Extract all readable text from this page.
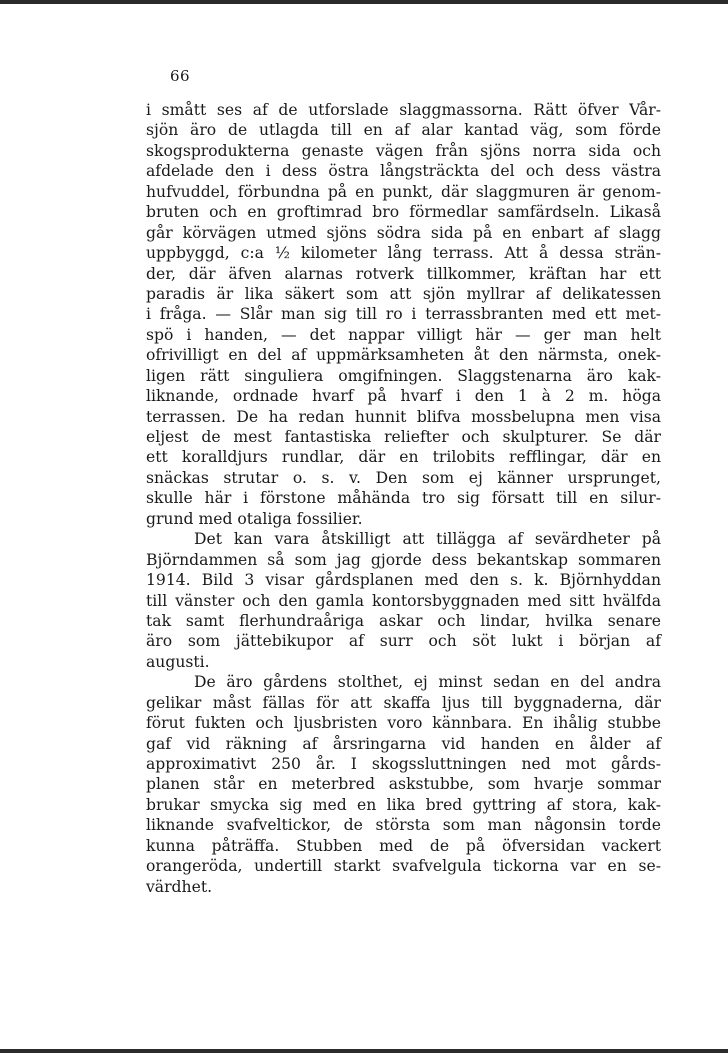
66
i smått ses af de utforslade slaggmassorna. Rätt öfver Vår-
sjön äro de utlagda till en af alar kantad väg, som förde
skogsprodukterna genaste vägen från sjöns norra sida och
afdelade den i dess östra långsträckta del och dess västra
hufvuddel, förbundna på en punkt, där slaggmuren är genom-
bruten och en groftimrad bro förmedlar samfärdseln. Likaså
går körvägen utmed sjöns södra sida på en enbart af slagg
uppbyggd, c:a ½ kilometer lång terrass. Att å dessa strän-
der, där äfven alarnas rotverk tillkommer, kräftan har ett
paradis är lika säkert som att sjön myllrar af delikatessen
i fråga. — Slår man sig till ro i terrassbranten med ett met-
spö i handen, — det nappar villigt här — ger man helt
ofrivilligt en del af uppmärksamheten åt den närmsta, onek-
ligen rätt singuliera omgifningen. Slaggstenarna äro kak-
liknande, ordnade hvarf på hvarf i den 1 à 2 m. höga
terrassen. De ha redan hunnit blifva mossbelupna men visa
eljest de mest fantastiska reliefter och skulpturer. Se där
ett koralldjurs rundlar, där en trilobits refflingar, där en
snäckas strutar o. s. v. Den som ej känner ursprunget,
skulle här i förstone måhända tro sig försatt till en silur-
grund med otaliga fossilier.
Det kan vara åtskilligt att tillägga af sevärdheter på
Björndammen så som jag gjorde dess bekantskap sommaren
1914. Bild 3 visar gårdsplanen med den s. k. Björnhyddan
till vänster och den gamla kontorsbyggnaden med sitt hvälfda
tak samt flerhundraåriga askar och lindar, hvilka senare
äro som jättebikupor af surr och söt lukt i början af
augusti.
De äro gårdens stolthet, ej minst sedan en del andra
gelikar måst fällas för att skaffa ljus till byggnaderna, där
förut fukten och ljusbristen voro kännbara. En ihålig stubbe
gaf vid räkning af årsringarna vid handen en ålder af
approximativt 250 år. I skogssluttningen ned mot gårds-
planen står en meterbred askstubbe, som hvarje sommar
brukar smycka sig med en lika bred gyttring af stora, kak-
liknande svafveltickor, de största som man någonsin torde
kunna påträffa. Stubben med de på öfversidan vackert
orangeröda, undertill starkt svafvelgula tickorna var en se-
värdhet.
